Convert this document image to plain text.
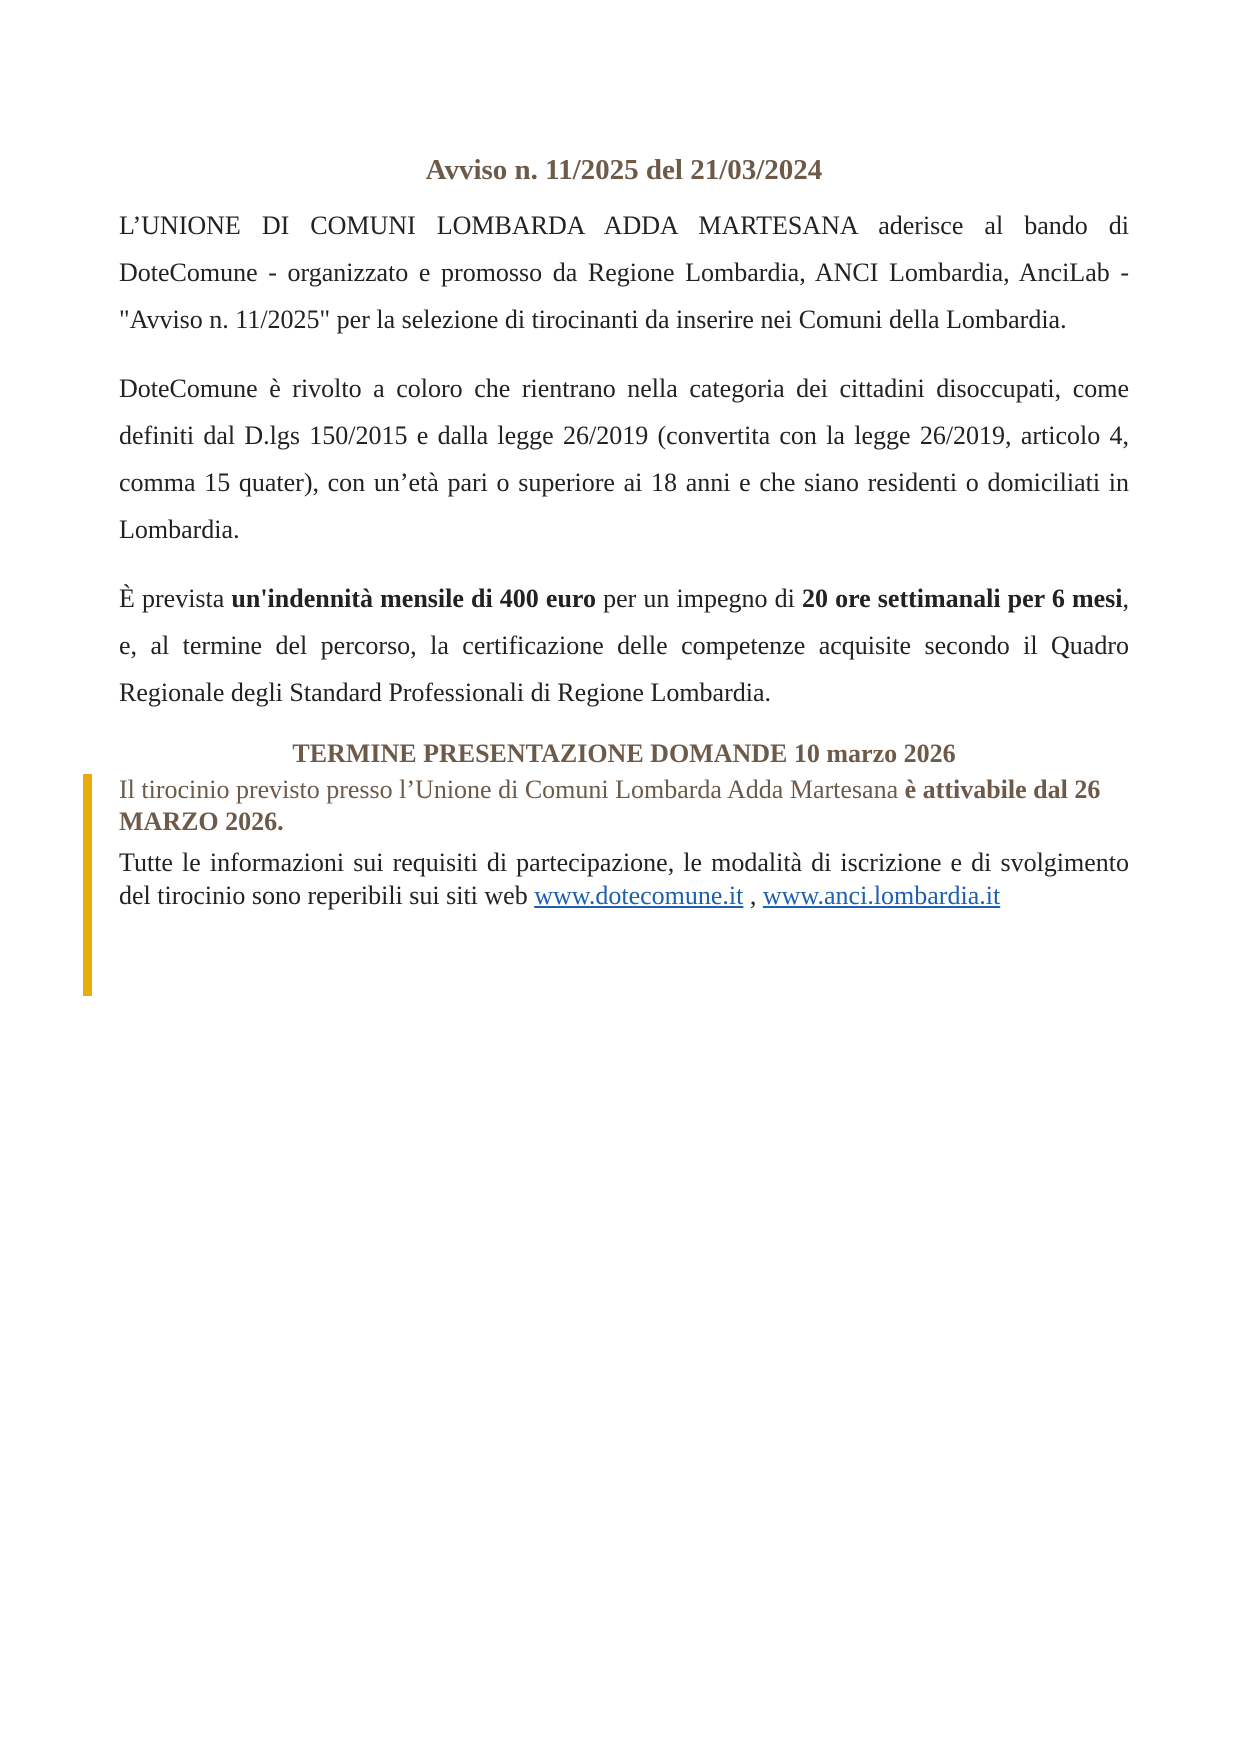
Avviso n. 11/2025 del 21/03/2024

L’UNIONE DI COMUNI LOMBARDA ADDA MARTESANA aderisce al bando di DoteComune - organizzato e promosso da Regione Lombardia, ANCI Lombardia, AnciLab - "Avviso n. 11/2025" per la selezione di tirocinanti da inserire nei Comuni della Lombardia.

DoteComune è rivolto a coloro che rientrano nella categoria dei cittadini disoccupati, come definiti dal D.lgs 150/2015 e dalla legge 26/2019 (convertita con la legge 26/2019, articolo 4, comma 15 quater), con un’età pari o superiore ai 18 anni e che siano residenti o domiciliati in Lombardia.

È prevista un'indennità mensile di 400 euro per un impegno di 20 ore settimanali per 6 mesi, e, al termine del percorso, la certificazione delle competenze acquisite secondo il Quadro Regionale degli Standard Professionali di Regione Lombardia.

TERMINE PRESENTAZIONE DOMANDE 10 marzo 2026

Il tirocinio previsto presso l’Unione di Comuni Lombarda Adda Martesana è attivabile dal 26 MARZO 2026.

Tutte le informazioni sui requisiti di partecipazione, le modalità di iscrizione e di svolgimento del tirocinio sono reperibili sui siti web www.dotecomune.it , www.anci.lombardia.it
